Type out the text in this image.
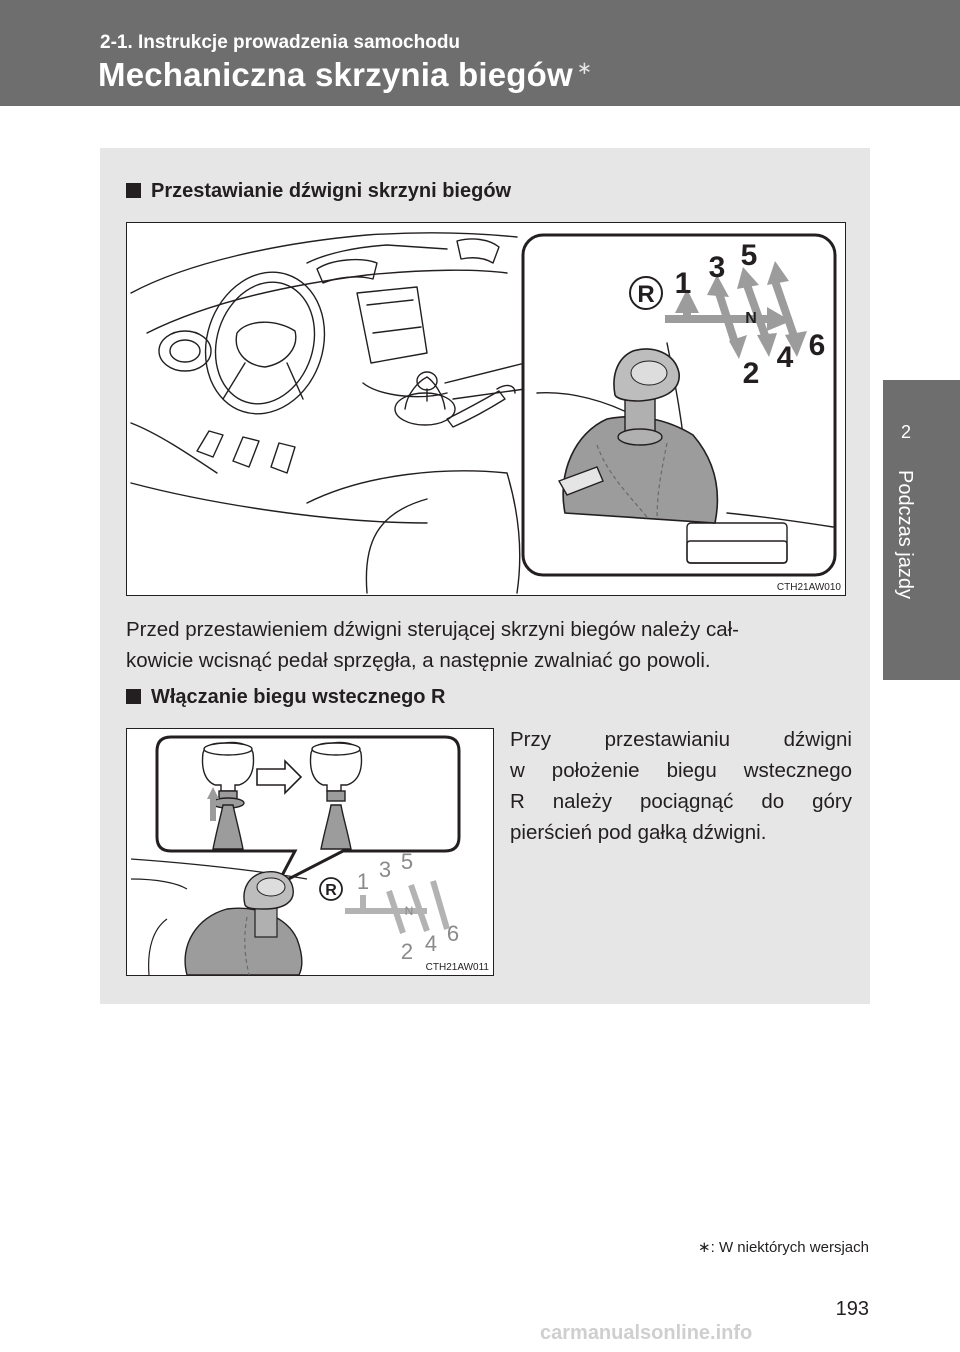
2-1. Instrukcje prowadzenia samochodu
Mechaniczna skrzynia biegów ∗
2
Podczas jazdy
Przestawianie dźwigni skrzyni biegów
R 1 3 5
N
2 4 6
CTH21AW010
Przed przestawieniem dźwigni sterującej skrzyni biegów należy cał-
kowicie wcisnąć pedał sprzęgła, a następnie zwalniać go powoli.
Włączanie biegu wstecznego R
R 1 3 5
N
2 4 6
CTH21AW011
Przy przestawianiu dźwigni
w położenie biegu wstecznego
R należy pociągnąć do góry
pierścień pod gałką dźwigni.
∗: W niektórych wersjach
193
carmanualsonline.info
